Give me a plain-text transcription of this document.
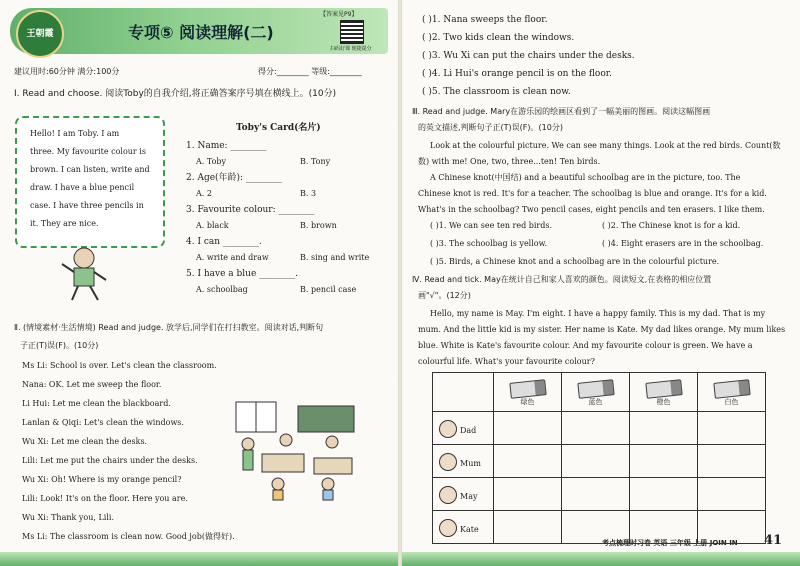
王朝霞	专项⑤ 阅读理解(二)
【答案见P9】
扫码好课 便捷提分
建议用时:60分钟 满分:100分	得分:________ 等级:________
Ⅰ. Read and choose. 阅读Toby的自我介绍,将正确答案序号填在横线上。(10分)
Hello! I am Toby. I am
three. My favourite colour is
brown. I can listen, write and
draw. I have a blue pencil
case. I have three pencils in
it. They are nice.
Toby's Card(名片)
1. Name: ________
A. Toby	B. Tony
2. Age(年龄): ________
A. 2	B. 3
3. Favourite colour: ________
A. black	B. brown
4. I can ________.
A. write and draw	B. sing and write
5. I have a blue ________.
A. schoolbag	B. pencil case
Ⅱ. (情境素材·生活情境) Read and judge. 放学后,同学们在打扫教室。阅读对话,判断句
子正(T)误(F)。(10分)
Ms Li: School is over. Let's clean the classroom.
Nana: OK. Let me sweep the floor.
Li Hui: Let me clean the blackboard.
Lanlan & Qiqi: Let's clean the windows.
Wu Xi: Let me clean the desks.
Lili: Let me put the chairs under the desks.
Wu Xi: Oh! Where is my orange pencil?
Lili: Look! It's on the floor. Here you are.
Wu Xi: Thank you, Lili.
Ms Li: The classroom is clean now. Good job(做得好).
( )1. Nana sweeps the floor.
( )2. Two kids clean the windows.
( )3. Wu Xi can put the chairs under the desks.
( )4. Li Hui's orange pencil is on the floor.
( )5. The classroom is clean now.
Ⅲ. Read and judge. Mary在游乐园的绘画区看到了一幅美丽的图画。阅读这幅图画
的英文描述,判断句子正(T)误(F)。(10分)
Look at the colourful picture. We can see many things. Look at the red birds. Count(数
数) with me! One, two, three...ten! Ten birds.
A Chinese knot(中国结) and a beautiful schoolbag are in the picture, too. The
Chinese knot is red. It's for a teacher. The schoolbag is blue and orange. It's for a kid.
What's in the schoolbag? Two pencil cases, eight pencils and ten erasers. I like them.
( )1. We can see ten red birds.	( )2. The Chinese knot is for a kid.
( )3. The schoolbag is yellow.	( )4. Eight erasers are in the schoolbag.
( )5. Birds, a Chinese knot and a schoolbag are in the colourful picture.
Ⅳ. Read and tick. May在统计自己和家人喜欢的颜色。阅读短文,在表格的相应位置
画"√"。(12分)
Hello, my name is May. I'm eight. I have a happy family. This is my dad. That is my
mum. And the little kid is my sister. Her name is Kate. My dad likes orange. My mum likes
blue. White is Kate's favourite colour. And my favourite colour is green. We have a
colourful life. What's your favourite colour?
考点梳理时习卷 英语 三年级 上册 JOIN IN 41

	绿色	蓝色	橙色	白色

Dad				
Mum				
May				
Kate				
